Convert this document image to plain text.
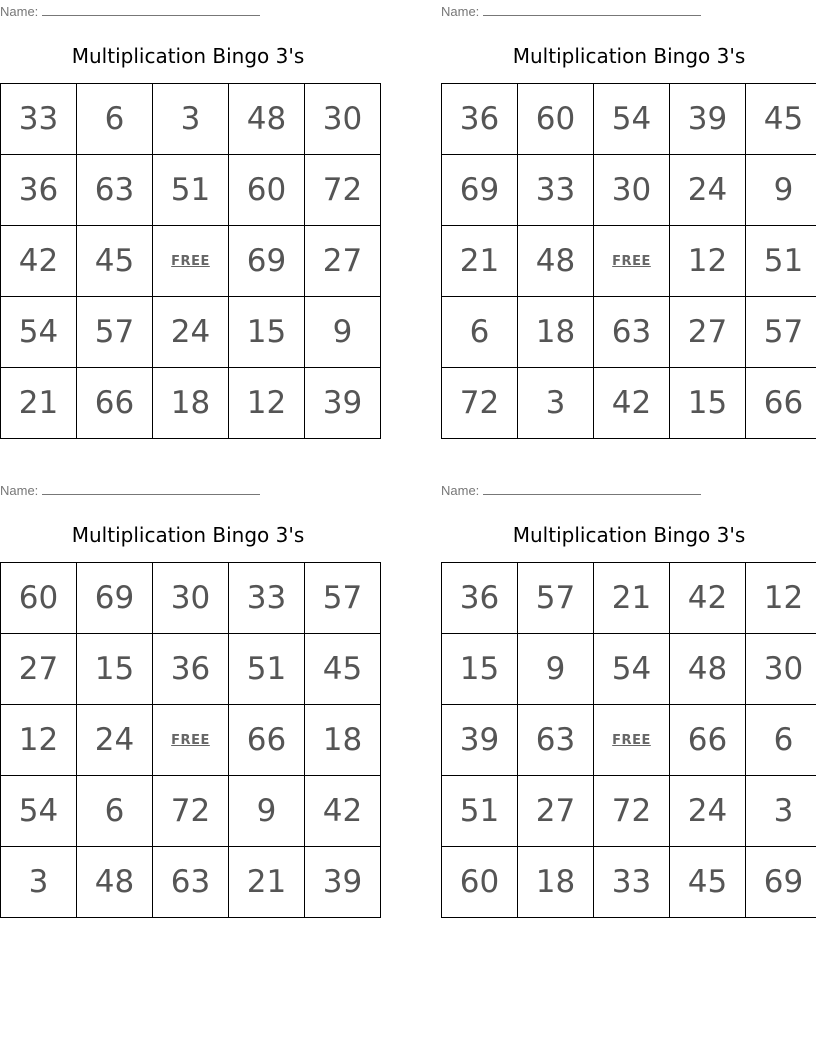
Name:
Multiplication Bingo 3's
33	6	3	48	30
36	63	51	60	72
42	45	FREE	69	27
54	57	24	15	9
21	66	18	12	39
Name:
Multiplication Bingo 3's
36	60	54	39	45
69	33	30	24	9
21	48	FREE	12	51
6	18	63	27	57
72	3	42	15	66
Name:
Multiplication Bingo 3's
60	69	30	33	57
27	15	36	51	45
12	24	FREE	66	18
54	6	72	9	42
3	48	63	21	39
Name:
Multiplication Bingo 3's
36	57	21	42	12
15	9	54	48	30
39	63	FREE	66	6
51	27	72	24	3
60	18	33	45	69
